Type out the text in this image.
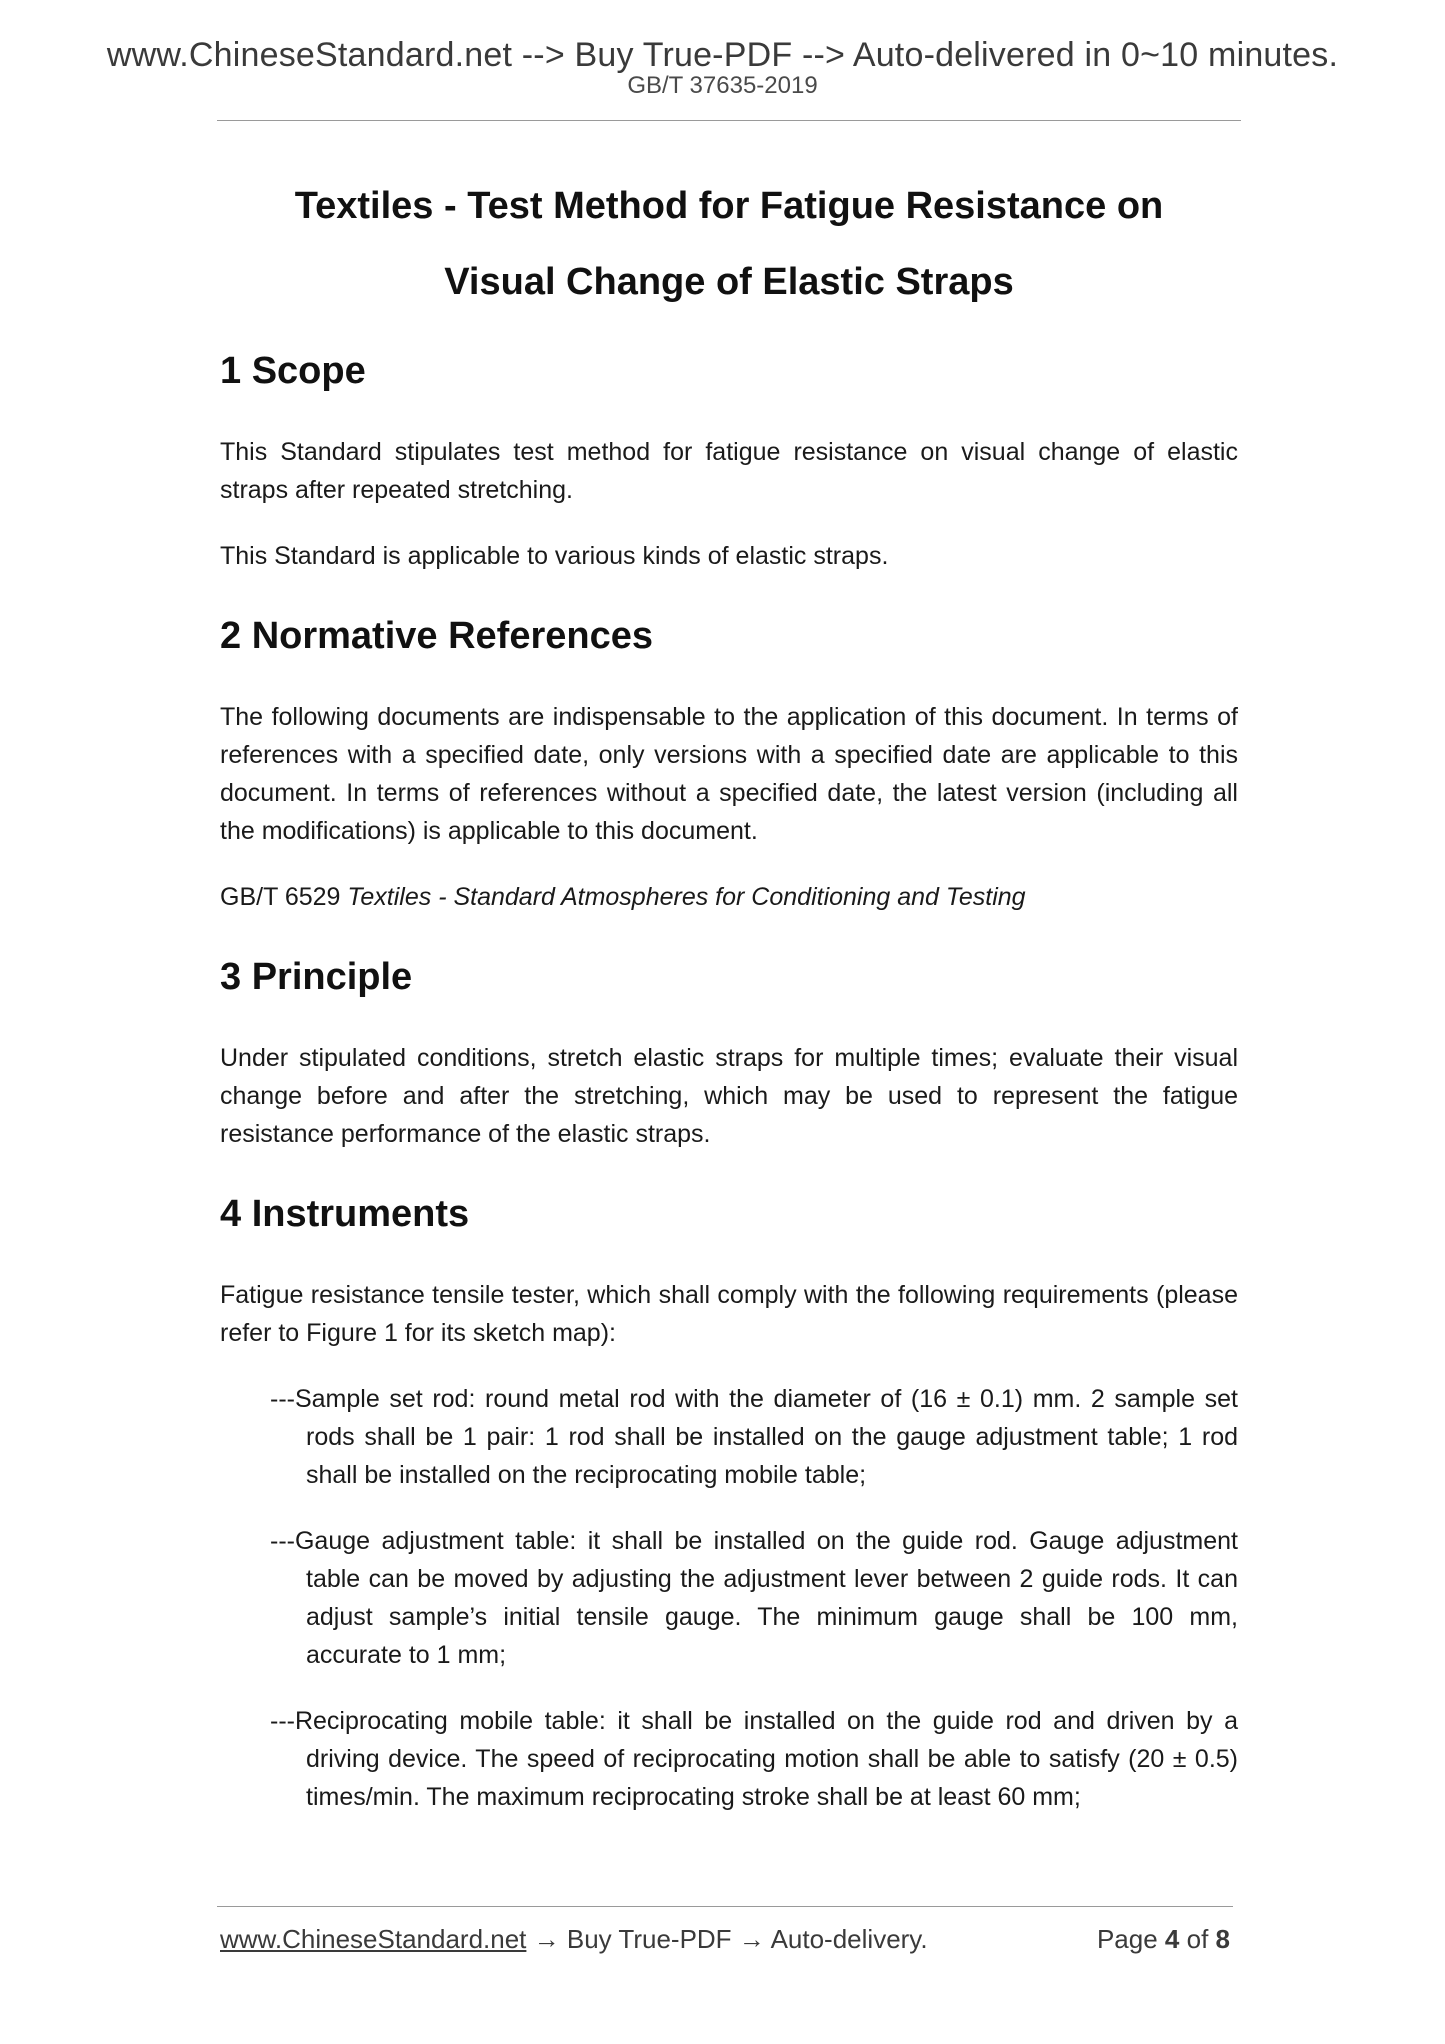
www.ChineseStandard.net --> Buy True-PDF --> Auto-delivered in 0~10 minutes.
GB/T 37635-2019
Textiles - Test Method for Fatigue Resistance on
Visual Change of Elastic Straps
1 Scope

This Standard stipulates test method for fatigue resistance on visual change of elastic straps after repeated stretching.

This Standard is applicable to various kinds of elastic straps.

2 Normative References

The following documents are indispensable to the application of this document. In terms of references with a specified date, only versions with a specified date are applicable to this document. In terms of references without a specified date, the latest version (including all the modifications) is applicable to this document.

GB/T 6529 Textiles - Standard Atmospheres for Conditioning and Testing

3 Principle

Under stipulated conditions, stretch elastic straps for multiple times; evaluate their visual change before and after the stretching, which may be used to represent the fatigue resistance performance of the elastic straps.

4 Instruments

Fatigue resistance tensile tester, which shall comply with the following requirements (please refer to Figure 1 for its sketch map):

---Sample set rod: round metal rod with the diameter of (16 ± 0.1) mm. 2 sample set rods shall be 1 pair: 1 rod shall be installed on the gauge adjustment table; 1 rod shall be installed on the reciprocating mobile table;

---Gauge adjustment table: it shall be installed on the guide rod. Gauge adjustment table can be moved by adjusting the adjustment lever between 2 guide rods. It can adjust sample’s initial tensile gauge. The minimum gauge shall be 100 mm, accurate to 1 mm;

---Reciprocating mobile table: it shall be installed on the guide rod and driven by a driving device. The speed of reciprocating motion shall be able to satisfy (20 ± 0.5) times/min. The maximum reciprocating stroke shall be at least 60 mm;

www.ChineseStandard.net → Buy True-PDF → Auto-delivery.	Page 4 of 8
